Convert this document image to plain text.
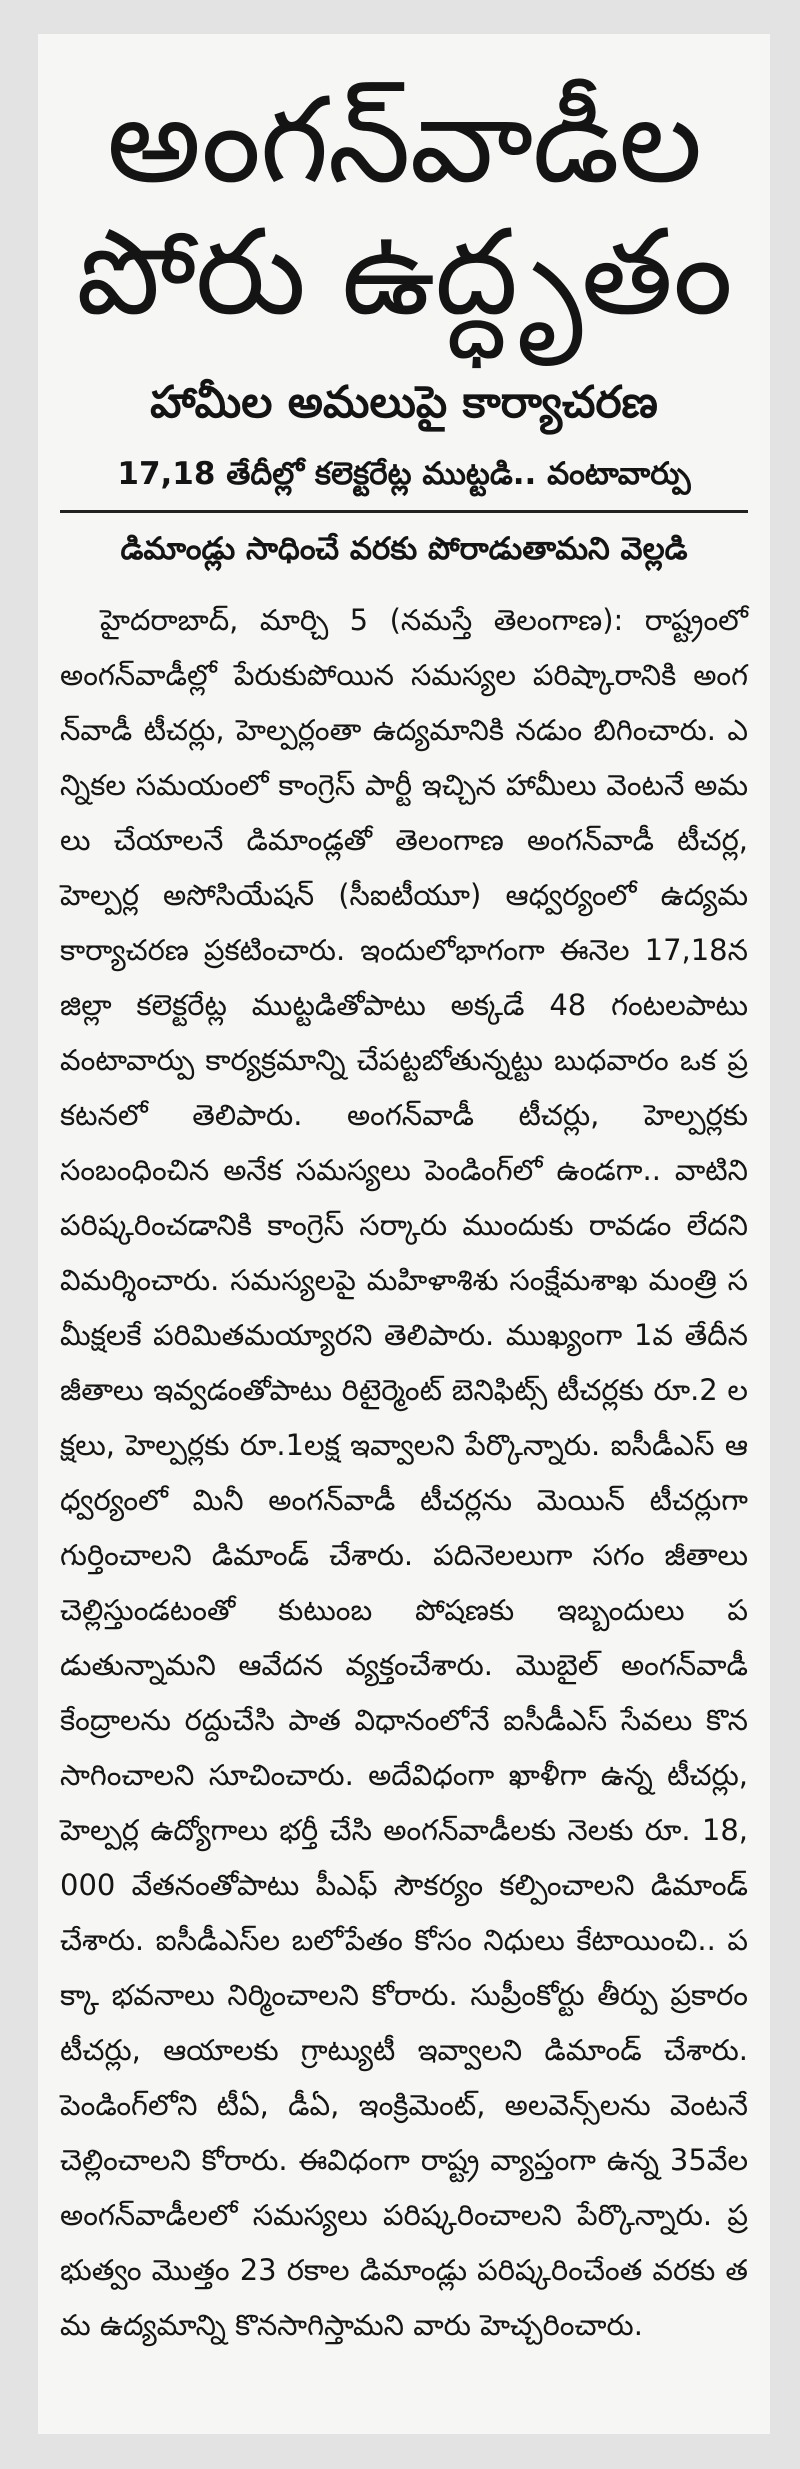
అంగన్‌వాడీల
పోరు ఉద్ధృతం
హామీల అమలుపై కార్యాచరణ
17,18 తేదీల్లో కలెక్టరేట్ల ముట్టడి.. వంటావార్పు
డిమాండ్లు సాధించే వరకు పోరాడుతామని వెల్లడి
హైదరాబాద్, మార్చి 5 (నమస్తే తెలంగాణ): రాష్ట్రంలో అంగన్‌వాడీల్లో పేరుకుపోయిన సమస్యల పరిష్కారానికి అంగన్‌వాడీ టీచర్లు, హెల్పర్లంతా ఉద్యమానికి నడుం బిగించారు. ఎన్నికల సమయంలో కాంగ్రెస్ పార్టీ ఇచ్చిన హామీలు వెంటనే అమలు చేయాలనే డిమాండ్లతో తెలంగాణ అంగన్‌వాడీ టీచర్ల, హెల్పర్ల అసోసియేషన్ (సీఐటీయూ) ఆధ్వర్యంలో ఉద్యమ కార్యాచరణ ప్రకటించారు. ఇందులోభాగంగా ఈనెల 17,18న జిల్లా కలెక్టరేట్ల ముట్టడితోపాటు అక్కడే 48 గంటలపాటు వంటావార్పు కార్యక్రమాన్ని చేపట్టబోతున్నట్టు బుధవారం ఒక ప్రకటనలో తెలిపారు. అంగన్‌వాడీ టీచర్లు, హెల్పర్లకు సంబంధించిన అనేక సమస్యలు పెండింగ్‌లో ఉండగా.. వాటిని పరిష్కరించడానికి కాంగ్రెస్ సర్కారు ముందుకు రావడం లేదని విమర్శించారు. సమస్యలపై మహిళాశిశు సంక్షేమశాఖ మంత్రి సమీక్షలకే పరిమితమయ్యారని తెలిపారు. ముఖ్యంగా 1వ తేదీన జీతాలు ఇవ్వడంతోపాటు రిటైర్మెంట్ బెనిఫిట్స్ టీచర్లకు రూ.2 లక్షలు, హెల్పర్లకు రూ.1లక్ష ఇవ్వాలని పేర్కొన్నారు. ఐసీడీఎస్ ఆధ్వర్యంలో మినీ అంగన్‌వాడీ టీచర్లను మెయిన్ టీచర్లుగా గుర్తించాలని డిమాండ్ చేశారు. పదినెలలుగా సగం జీతాలు చెల్లిస్తుండటంతో కుటుంబ పోషణకు ఇబ్బందులు పడుతున్నామని ఆవేదన వ్యక్తంచేశారు. మొబైల్ అంగన్‌వాడీ కేంద్రాలను రద్దుచేసి పాత విధానంలోనే ఐసీడీఎస్ సేవలు కొనసాగించాలని సూచించారు. అదేవిధంగా ఖాళీగా ఉన్న టీచర్లు, హెల్పర్ల ఉద్యోగాలు భర్తీ చేసి అంగన్‌వాడీలకు నెలకు రూ. 18,000 వేతనంతోపాటు పీఎఫ్ సౌకర్యం కల్పించాలని డిమాండ్ చేశారు. ఐసీడీఎస్‌ల బలోపేతం కోసం నిధులు కేటాయించి.. పక్కా భవనాలు నిర్మించాలని కోరారు. సుప్రీంకోర్టు తీర్పు ప్రకారం టీచర్లు, ఆయాలకు గ్రాట్యుటీ ఇవ్వాలని డిమాండ్ చేశారు. పెండింగ్‌లోని టీఏ, డీఏ, ఇంక్రిమెంట్, అలవెన్స్‌లను వెంటనే చెల్లించాలని కోరారు. ఈవిధంగా రాష్ట్ర వ్యాప్తంగా ఉన్న 35వేల అంగన్‌వాడీలలో సమస్యలు పరిష్కరించాలని పేర్కొన్నారు. ప్రభుత్వం మొత్తం 23 రకాల డిమాండ్లు పరిష్కరించేంత వరకు తమ ఉద్యమాన్ని కొనసాగిస్తామని వారు హెచ్చరించారు.
